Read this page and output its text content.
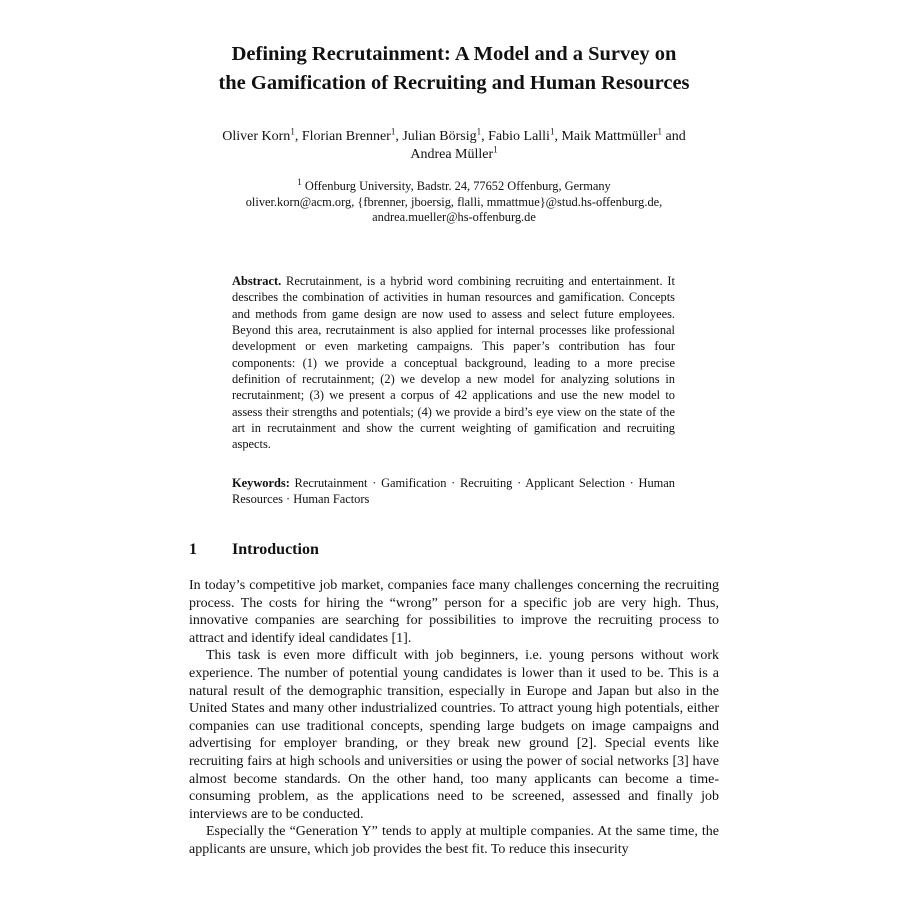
Defining Recrutainment: A Model and a Survey on
the Gamification of Recruiting and Human Resources
Oliver Korn$^1$, Florian Brenner$^1$, Julian Börsig$^1$, Fabio Lalli$^1$, Maik Mattmüller$^1$ and
Andrea Müller$^1$
$^1$ Offenburg University, Badstr. 24, 77652 Offenburg, Germany
oliver.korn@acm.org, {fbrenner, jboersig, flalli, mmattmue}@stud.hs-offenburg.de,
andrea.mueller@hs-offenburg.de

Abstract. Recrutainment, is a hybrid word combining recruiting and entertainment. It describes the combination of activities in human resources and gamification. Concepts and methods from game design are now used to assess and select future employees. Beyond this area, recrutainment is also applied for internal processes like professional development or even marketing campaigns. This paper’s contribution has four components: (1) we provide a conceptual background, leading to a more precise definition of recrutainment; (2) we develop a new model for analyzing solutions in recrutainment; (3) we present a corpus of 42 applications and use the new model to assess their strengths and potentials; (4) we provide a bird’s eye view on the state of the art in recrutainment and show the current weighting of gamification and recruiting aspects.

Keywords: Recrutainment · Gamification · Recruiting · Applicant Selection · Human Resources · Human Factors

1 Introduction

In today’s competitive job market, companies face many challenges concerning the recruiting process. The costs for hiring the “wrong” person for a specific job are very high. Thus, innovative companies are searching for possibilities to improve the recruiting process to attract and identify ideal candidates [1].

This task is even more difficult with job beginners, i.e. young persons without work experience. The number of potential young candidates is lower than it used to be. This is a natural result of the demographic transition, especially in Europe and Japan but also in the United States and many other industrialized countries. To attract young high potentials, either companies can use traditional concepts, spending large budgets on image campaigns and advertising for employer branding, or they break new ground [2]. Special events like recruiting fairs at high schools and universities or using the power of social networks [3] have almost become standards. On the other hand, too many applicants can become a time-consuming problem, as the applications need to be screened, assessed and finally job interviews are to be conducted.

Especially the “Generation Y” tends to apply at multiple companies. At the same time, the applicants are unsure, which job provides the best fit. To reduce this insecurity
